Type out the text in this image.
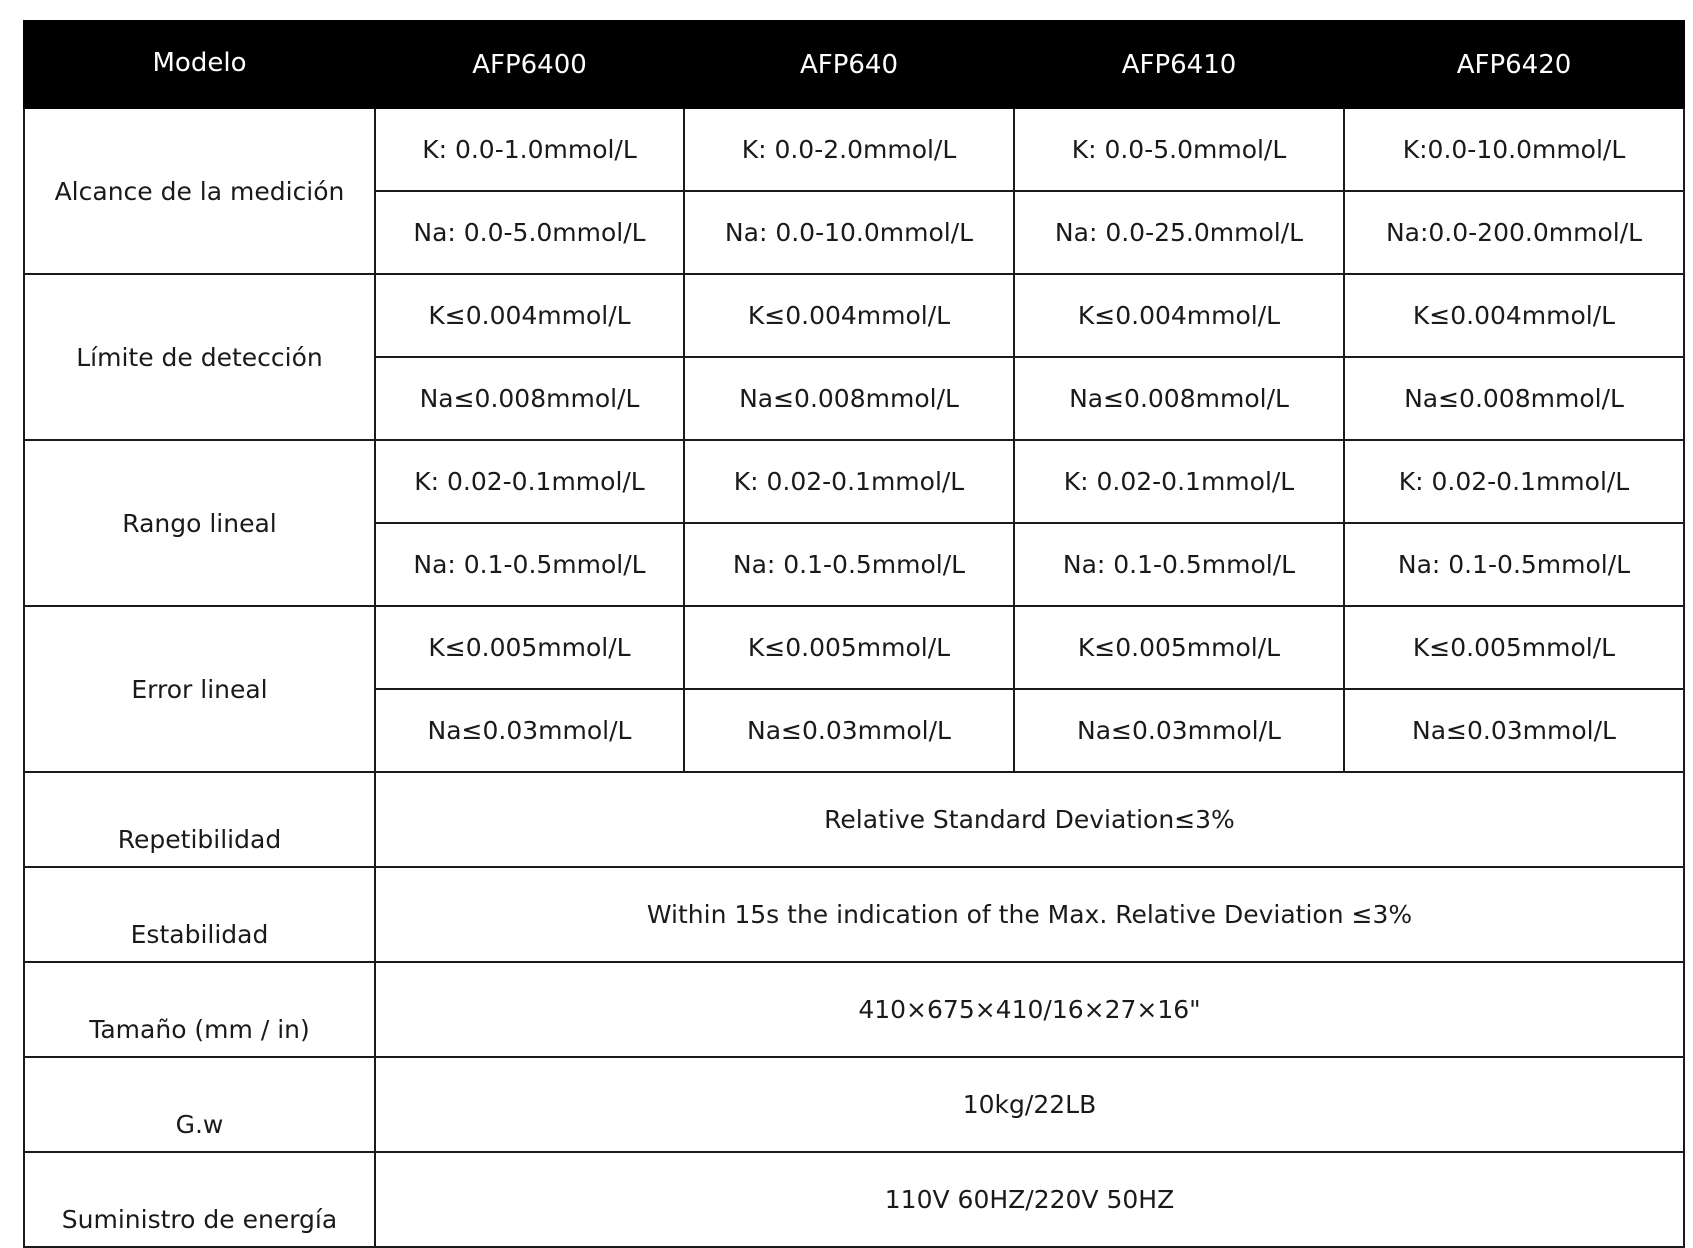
Modelo	AFP6400	AFP640	AFP6410	AFP6420
Alcance de la medición	K: 0.0-1.0mmol/L	K: 0.0-2.0mmol/L	K: 0.0-5.0mmol/L	K:0.0-10.0mmol/L
	Na: 0.0-5.0mmol/L	Na: 0.0-10.0mmol/L	Na: 0.0-25.0mmol/L	Na:0.0-200.0mmol/L
Límite de detección	K≤0.004mmol/L	K≤0.004mmol/L	K≤0.004mmol/L	K≤0.004mmol/L
	Na≤0.008mmol/L	Na≤0.008mmol/L	Na≤0.008mmol/L	Na≤0.008mmol/L
Rango lineal	K: 0.02-0.1mmol/L	K: 0.02-0.1mmol/L	K: 0.02-0.1mmol/L	K: 0.02-0.1mmol/L
	Na: 0.1-0.5mmol/L	Na: 0.1-0.5mmol/L	Na: 0.1-0.5mmol/L	Na: 0.1-0.5mmol/L
Error lineal	K≤0.005mmol/L	K≤0.005mmol/L	K≤0.005mmol/L	K≤0.005mmol/L
	Na≤0.03mmol/L	Na≤0.03mmol/L	Na≤0.03mmol/L	Na≤0.03mmol/L
Repetibilidad	Relative Standard Deviation≤3%			
Estabilidad	Within 15s the indication of the Max. Relative Deviation ≤3%			
Tamaño (mm / in)	410×675×410/16×27×16"			
G.w	10kg/22LB			
Suministro de energía	110V 60HZ/220V 50HZ			
